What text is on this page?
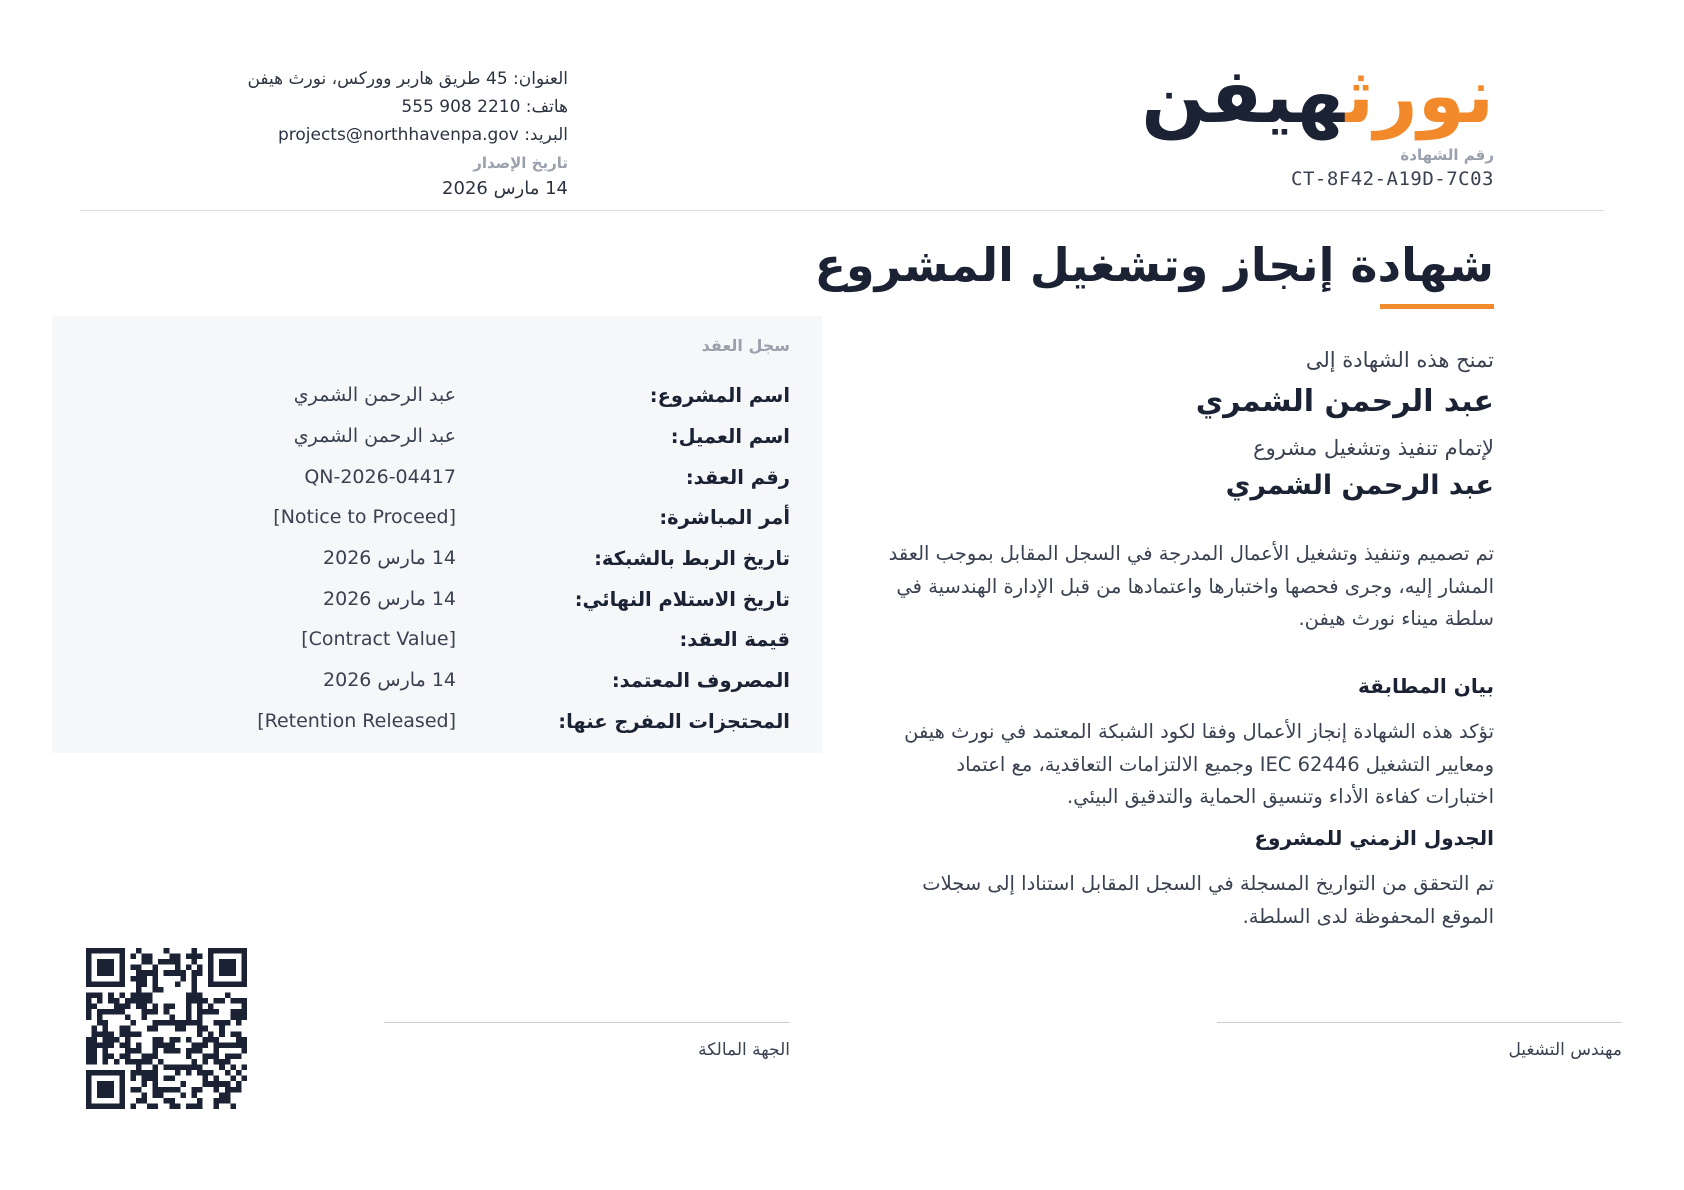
نورثهيفن
رقم الشهادة
CT-8F42-A19D-7C03
العنوان: 45 طريق هاربر ووركس، نورث هيفن
هاتف: 2210 908 555
البريد: projects@northhavenpa.gov
تاريخ الإصدار
14 مارس 2026
شهادة إنجاز وتشغيل المشروع
تمنح هذه الشهادة إلى
عبد الرحمن الشمري
لإتمام تنفيذ وتشغيل مشروع
عبد الرحمن الشمري
تم تصميم وتنفيذ وتشغيل الأعمال المدرجة في السجل المقابل بموجب العقد المشار إليه، وجرى فحصها واختبارها واعتمادها من قبل الإدارة الهندسية في سلطة ميناء نورث هيفن.
بيان المطابقة
تؤكد هذه الشهادة إنجاز الأعمال وفقا لكود الشبكة المعتمد في نورث هيفن ومعايير التشغيل IEC 62446 وجميع الالتزامات التعاقدية، مع اعتماد اختبارات كفاءة الأداء وتنسيق الحماية والتدقيق البيئي.
الجدول الزمني للمشروع
تم التحقق من التواريخ المسجلة في السجل المقابل استنادا إلى سجلات الموقع المحفوظة لدى السلطة.
سجل العقد
اسم المشروع:
عبد الرحمن الشمري
اسم العميل:
عبد الرحمن الشمري
رقم العقد:
QN-2026-04417
أمر المباشرة:
[Notice to Proceed]
تاريخ الربط بالشبكة:
14 مارس 2026
تاريخ الاستلام النهائي:
14 مارس 2026
قيمة العقد:
[Contract Value]
المصروف المعتمد:
14 مارس 2026
المحتجزات المفرج عنها:
[Retention Released]
مهندس التشغيل
الجهة المالكة
